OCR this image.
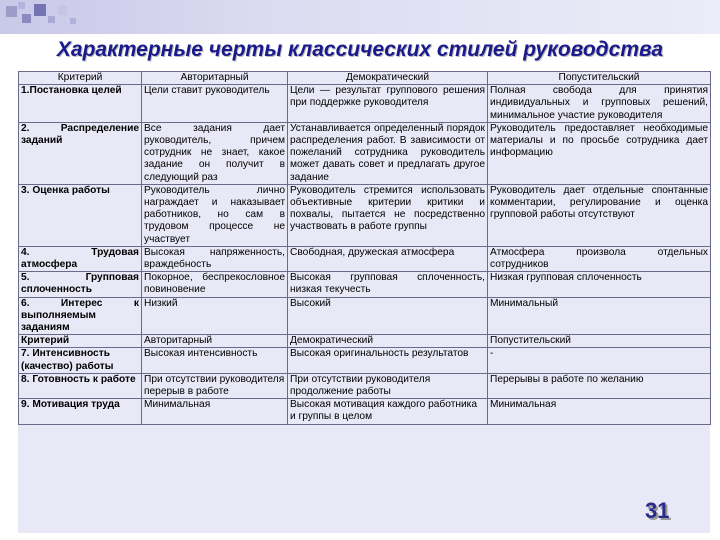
Характерные черты классических стилей руководства
Критерий	Авторитарный	Демократический	Попустительский
1.Постановка целей	Цели ставит руководитель	Цели — результат группового решения при поддержке руководителя	Полная свобода для принятия индивидуальных и групповых решений, минимальное участие руководителя
2. Распределение заданий	Все задания дает руководитель, причем сотрудник не знает, какое задание он получит в следующий раз	Устанавливается определенный порядок распределения работ. В зависимости от пожеланий сотрудника руководитель может давать совет и предлагать другое задание	Руководитель предоставляет необходимые материалы и по просьбе сотрудника дает информацию
3. Оценка работы	Руководитель лично награждает и наказывает работников, но сам в трудовом процессе не участвует	Руководитель стремится использовать объективные критерии критики и похвалы, пытается не посредственно участвовать в работе группы	Руководитель дает отдельные спонтанные комментарии, регулирование и оценка групповой работы отсутствуют
4. Трудовая атмосфера	Высокая напряженность, враждебность	Свободная, дружеская атмосфера	Атмосфера произвола отдельных сотрудников
5. Групповая сплоченность	Покорное, беспрекословное повиновение	Высокая групповая сплоченность, низкая текучесть	Низкая групповая сплоченность
6. Интерес к выполняемым заданиям	Низкий	Высокий	Минимальный
Критерий	Авторитарный	Демократический	Попустительский
7. Интенсивность (качество) работы	Высокая интенсивность	Высокая оригинальность результатов	-
8. Готовность к работе	При отсутствии руководителя перерыв в работе	При отсутствии руководителя продолжение работы	Перерывы в работе по желанию
9. Мотивация труда	Минимальная	Высокая мотивация каждого работника и группы в целом	Минимальная
31
